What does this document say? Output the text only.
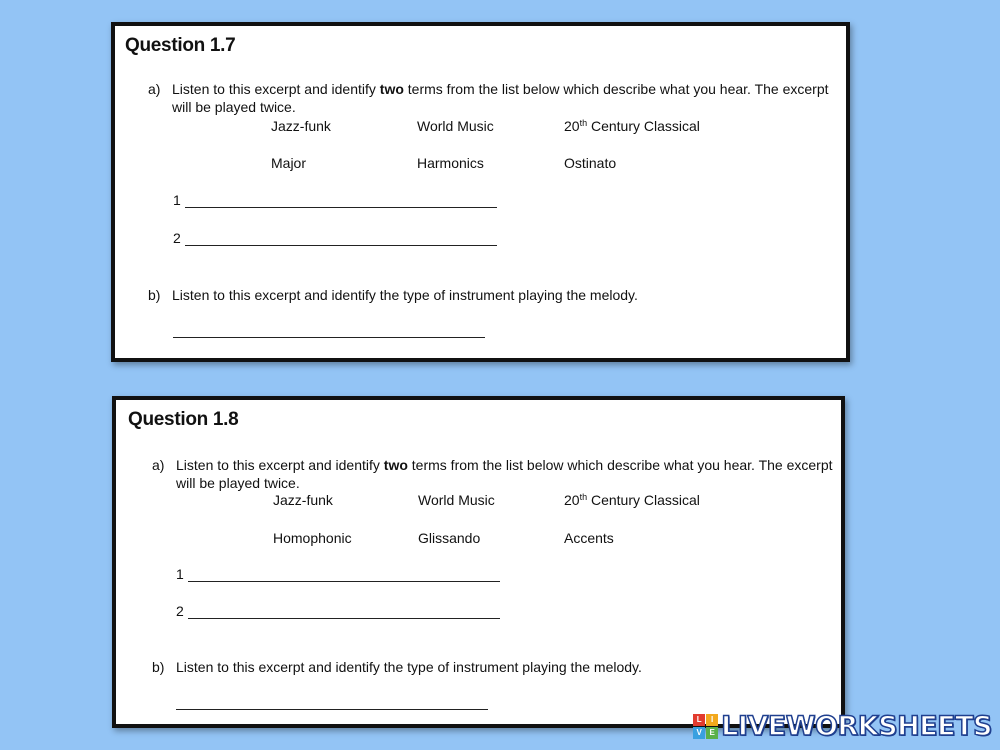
Question 1.7
a) Listen to this excerpt and identify two terms from the list below which describe what you hear. The excerpt will be played twice.
Jazz-funk	World Music	20th Century Classical
Major	Harmonics	Ostinato
1
2
b) Listen to this excerpt and identify the type of instrument playing the melody.
Question 1.8
a) Listen to this excerpt and identify two terms from the list below which describe what you hear. The excerpt will be played twice.
Jazz-funk	World Music	20th Century Classical
Homophonic	Glissando	Accents
1
2
b) Listen to this excerpt and identify the type of instrument playing the melody.
L	I
V E LIVEWORKSHEETS
